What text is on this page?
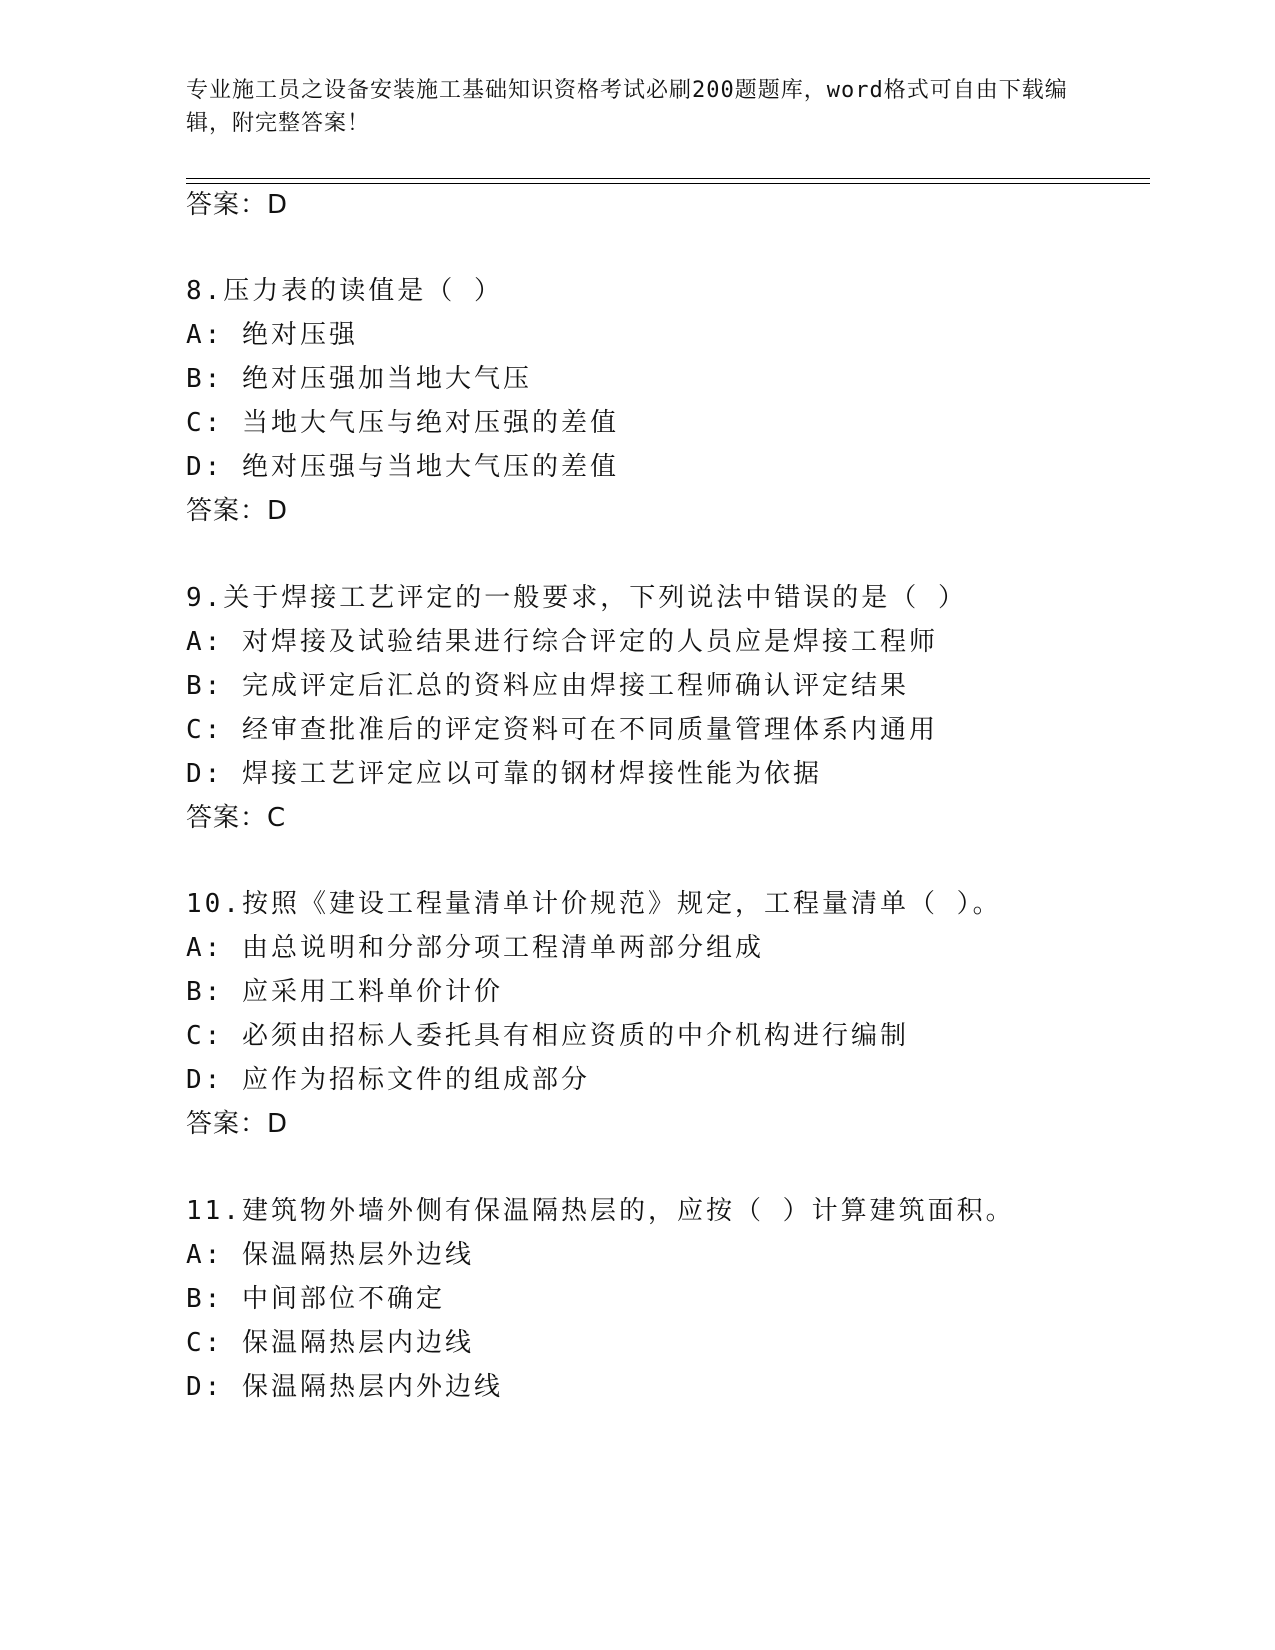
专业施工员之设备安装施工基础知识资格考试必刷200题题库，word格式可自由下载编辑，附完整答案！
答案：D
8.压力表的读值是（ ）
A: 绝对压强
B: 绝对压强加当地大气压
C: 当地大气压与绝对压强的差值
D: 绝对压强与当地大气压的差值
答案：D
9.关于焊接工艺评定的一般要求，下列说法中错误的是（ ）
A: 对焊接及试验结果进行综合评定的人员应是焊接工程师
B: 完成评定后汇总的资料应由焊接工程师确认评定结果
C: 经审查批准后的评定资料可在不同质量管理体系内通用
D: 焊接工艺评定应以可靠的钢材焊接性能为依据
答案：C
10.按照《建设工程量清单计价规范》规定，工程量清单（ ）。
A: 由总说明和分部分项工程清单两部分组成
B: 应采用工料单价计价
C: 必须由招标人委托具有相应资质的中介机构进行编制
D: 应作为招标文件的组成部分
答案：D
11.建筑物外墙外侧有保温隔热层的，应按（ ）计算建筑面积。
A: 保温隔热层外边线
B: 中间部位不确定
C: 保温隔热层内边线
D: 保温隔热层内外边线
